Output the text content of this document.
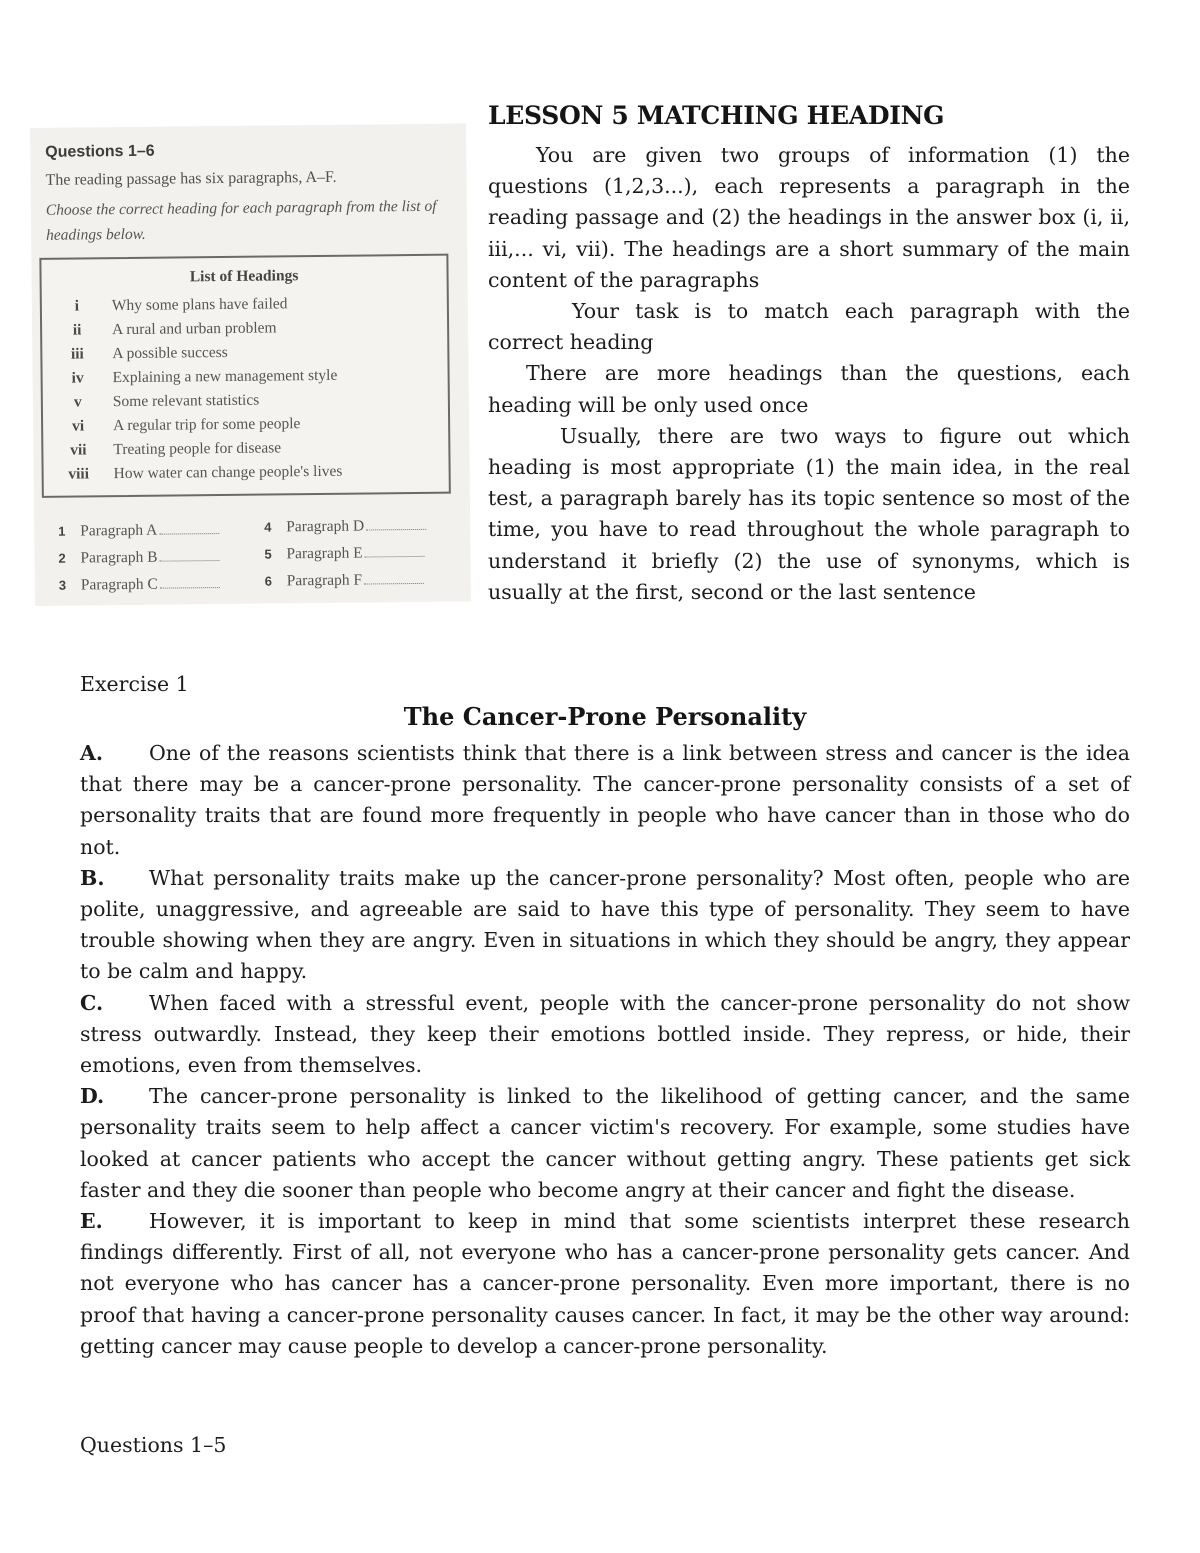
Questions 1–6
The reading passage has six paragraphs, A–F.
Choose the correct heading for each paragraph from the list of headings below.
List of Headings
i Why some plans have failed
ii A rural and urban problem
iii A possible success
iv Explaining a new management style
v Some relevant statistics
vi A regular trip for some people
vii Treating people for disease
viii How water can change people's lives
1 Paragraph A
2 Paragraph B
3 Paragraph C
4 Paragraph D
5 Paragraph E
6 Paragraph F
LESSON 5 MATCHING HEADING

You are given two groups of information (1) the questions (1,2,3...), each represents a paragraph in the reading passage and (2) the headings in the answer box (i, ii, iii,... vi, vii). The headings are a short summary of the main content of the paragraphs

Your task is to match each paragraph with the correct heading

There are more headings than the questions, each heading will be only used once

Usually, there are two ways to figure out which heading is most appropriate (1) the main idea, in the real test, a paragraph barely has its topic sentence so most of the time, you have to read throughout the whole paragraph to understand it briefly (2) the use of synonyms, which is usually at the first, second or the last sentence

Exercise 1
The Cancer-Prone Personality

A. One of the reasons scientists think that there is a link between stress and cancer is the idea that there may be a cancer-prone personality. The cancer-prone personality consists of a set of personality traits that are found more frequently in people who have cancer than in those who do not.

B. What personality traits make up the cancer-prone personality? Most often, people who are polite, unaggressive, and agreeable are said to have this type of personality. They seem to have trouble showing when they are angry. Even in situations in which they should be angry, they appear to be calm and happy.

C. When faced with a stressful event, people with the cancer-prone personality do not show stress outwardly. Instead, they keep their emotions bottled inside. They repress, or hide, their emotions, even from themselves.

D. The cancer-prone personality is linked to the likelihood of getting cancer, and the same personality traits seem to help affect a cancer victim's recovery. For example, some studies have looked at cancer patients who accept the cancer without getting angry. These patients get sick faster and they die sooner than people who become angry at their cancer and fight the disease.

E. However, it is important to keep in mind that some scientists interpret these research findings differently. First of all, not everyone who has a cancer-prone personality gets cancer. And not everyone who has cancer has a cancer-prone personality. Even more important, there is no proof that having a cancer-prone personality causes cancer. In fact, it may be the other way around: getting cancer may cause people to develop a cancer-prone personality.

Questions 1–5
